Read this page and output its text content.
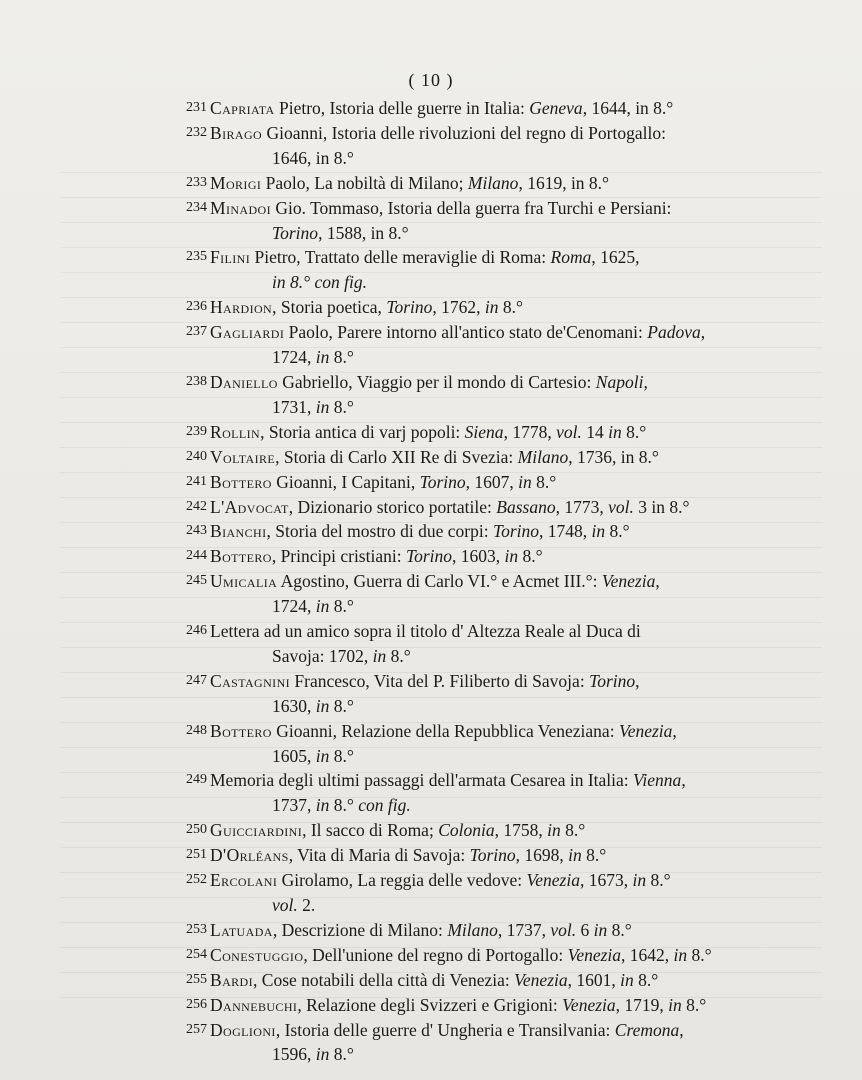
( 10 )
231 Capriata Pietro, Istoria delle guerre in Italia: Geneva, 1644, in 8.°
232 Birago Gioanni, Istoria delle rivoluzioni del regno di Portogallo:
1646, in 8.°
233 Morigi Paolo, La nobiltà di Milano; Milano, 1619, in 8.°
234 Minadoi Gio. Tommaso, Istoria della guerra fra Turchi e Persiani:
Torino, 1588, in 8.°
235 Filini Pietro, Trattato delle meraviglie di Roma: Roma, 1625,
in 8.° con fig.
236 Hardion, Storia poetica, Torino, 1762, in 8.°
237 Gagliardi Paolo, Parere intorno all'antico stato de'Cenomani: Padova,
1724, in 8.°
238 Daniello Gabriello, Viaggio per il mondo di Cartesio: Napoli,
1731, in 8.°
239 Rollin, Storia antica di varj popoli: Siena, 1778, vol. 14 in 8.°
240 Voltaire, Storia di Carlo XII Re di Svezia: Milano, 1736, in 8.°
241 Bottero Gioanni, I Capitani, Torino, 1607, in 8.°
242 L'Advocat, Dizionario storico portatile: Bassano, 1773, vol. 3 in 8.°
243 Bianchi, Storia del mostro di due corpi: Torino, 1748, in 8.°
244 Bottero, Principi cristiani: Torino, 1603, in 8.°
245 Umicalia Agostino, Guerra di Carlo VI.° e Acmet III.°: Venezia,
1724, in 8.°
246 Lettera ad un amico sopra il titolo d' Altezza Reale al Duca di
Savoja: 1702, in 8.°
247 Castagnini Francesco, Vita del P. Filiberto di Savoja: Torino,
1630, in 8.°
248 Bottero Gioanni, Relazione della Repubblica Veneziana: Venezia,
1605, in 8.°
249 Memoria degli ultimi passaggi dell'armata Cesarea in Italia: Vienna,
1737, in 8.° con fig.
250 Guicciardini, Il sacco di Roma; Colonia, 1758, in 8.°
251 D'Orléans, Vita di Maria di Savoja: Torino, 1698, in 8.°
252 Ercolani Girolamo, La reggia delle vedove: Venezia, 1673, in 8.°
vol. 2.
253 Latuada, Descrizione di Milano: Milano, 1737, vol. 6 in 8.°
254 Conestuggio, Dell'unione del regno di Portogallo: Venezia, 1642, in 8.°
255 Bardi, Cose notabili della città di Venezia: Venezia, 1601, in 8.°
256 Dannebuchi, Relazione degli Svizzeri e Grigioni: Venezia, 1719, in 8.°
257 Doglioni, Istoria delle guerre d' Ungheria e Transilvania: Cremona,
1596, in 8.°
